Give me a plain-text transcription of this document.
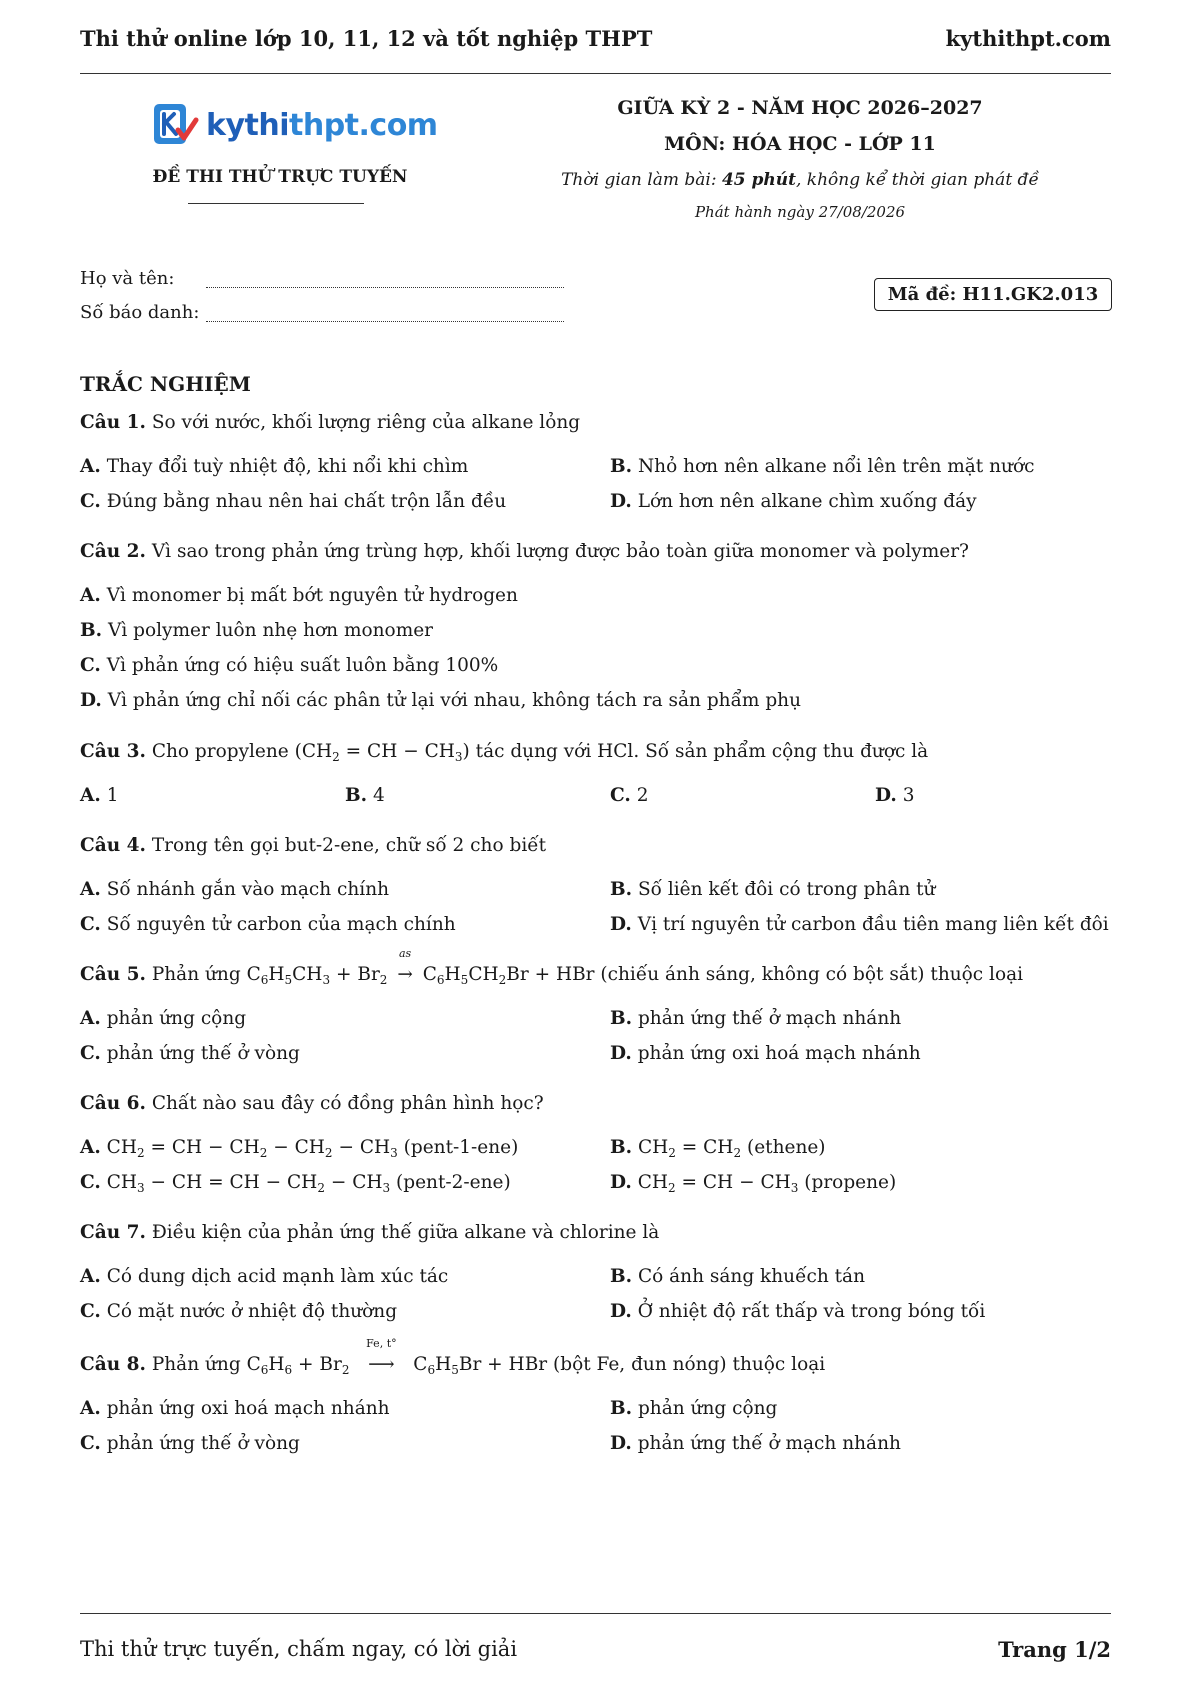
Thi thử online lớp 10, 11, 12 và tốt nghiệp THPT	kythithpt.com
kythithpt.com
ĐỀ THI THỬ TRỰC TUYẾN
GIỮA KỲ 2 - NĂM HỌC 2026–2027
MÔN: HÓA HỌC - LỚP 11
Thời gian làm bài: 45 phút, không kể thời gian phát đề
Phát hành ngày 27/08/2026
Họ và tên:
Số báo danh:
Mã đề: H11.GK2.013
TRẮC NGHIỆM
Câu 1. So với nước, khối lượng riêng của alkane lỏng
A. Thay đổi tuỳ nhiệt độ, khi nổi khi chìm	B. Nhỏ hơn nên alkane nổi lên trên mặt nước
C. Đúng bằng nhau nên hai chất trộn lẫn đều	D. Lớn hơn nên alkane chìm xuống đáy
Câu 2. Vì sao trong phản ứng trùng hợp, khối lượng được bảo toàn giữa monomer và polymer?
A. Vì monomer bị mất bớt nguyên tử hydrogen
B. Vì polymer luôn nhẹ hơn monomer
C. Vì phản ứng có hiệu suất luôn bằng 100%
D. Vì phản ứng chỉ nối các phân tử lại với nhau, không tách ra sản phẩm phụ
Câu 3. Cho propylene ($CH_2$ = CH − $CH_3$) tác dụng với HCl. Số sản phẩm cộng thu được là
A. 1	B. 4	C. 2	D. 3
Câu 4. Trong tên gọi but-2-ene, chữ số 2 cho biết
A. Số nhánh gắn vào mạch chính	B. Số liên kết đôi có trong phân tử
C. Số nguyên tử carbon của mạch chính	D. Vị trí nguyên tử carbon đầu tiên mang liên kết đôi
Câu 5. Phản ứng $C_6H_5CH_3 + Br_2$
as
→ $C_6H_5CH_2Br$ + HBr (chiếu ánh sáng, không có bột sắt) thuộc loại
A. phản ứng cộng	B. phản ứng thế ở mạch nhánh
C. phản ứng thế ở vòng	D. phản ứng oxi hoá mạch nhánh
Câu 6. Chất nào sau đây có đồng phân hình học?
A. $CH_2$ = CH − $CH_2 - CH_2 - CH_3$ (pent-1-ene)	B. $CH_2 = CH_2$ (ethene)
C. $CH_3$ − CH = CH − $CH_2 - CH_3$ (pent-2-ene)	D. $CH_2$ = CH − $CH_3$ (propene)
Câu 7. Điều kiện của phản ứng thế giữa alkane và chlorine là
A. Có dung dịch acid mạnh làm xúc tác	B. Có ánh sáng khuếch tán
C. Có mặt nước ở nhiệt độ thường	D. Ở nhiệt độ rất thấp và trong bóng tối
Câu 8. Phản ứng $C_6H_6 + Br_2$
Fe, t°
⟶ $C_6H_5Br$ + HBr (bột Fe, đun nóng) thuộc loại
A. phản ứng oxi hoá mạch nhánh	B. phản ứng cộng
C. phản ứng thế ở vòng	D. phản ứng thế ở mạch nhánh
Thi thử trực tuyến, chấm ngay, có lời giải	Trang 1/2
